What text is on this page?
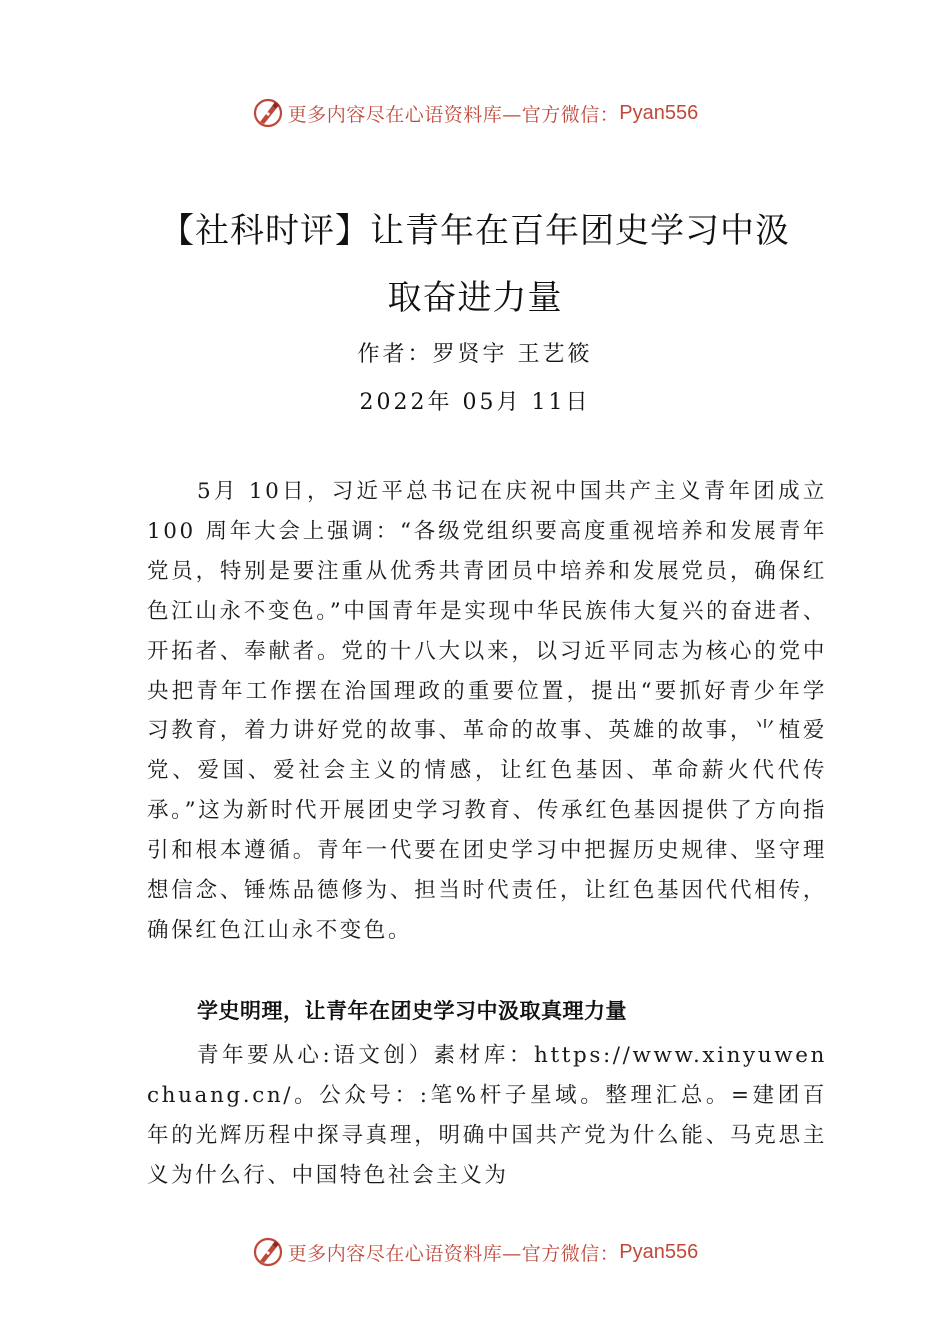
更多内容尽在心语资料库—官方微信： Pyan556
【社科时评】让青年在百年团史学习中汲
取奋进力量
作者：罗贤宇 王艺筱
2022年 05月 11日

5月 10日，习近平总书记在庆祝中国共产主义青年团成立 100 周年大会上强调：“各级党组织要高度重视培养和发展青年党员，特别是要注重从优秀共青团员中培养和发展党员，确保红色江山永不变色。”中国青年是实现中华民族伟大复兴的奋进者、开拓者、奉献者。党的十八大以来，以习近平同志为核心的党中央把青年工作摆在治国理政的重要位置，提出“要抓好青少年学习教育，着力讲好党的故事、革命的故事、英雄的故事，⺌植爱党、爱国、爱社会主义的情感，让红色基因、革命薪火代代传承。”这为新时代开展团史学习教育、传承红色基因提供了方向指引和根本遵循。青年一代要在团史学习中把握历史规律、坚守理想信念、锤炼品德修为、担当时代责任，让红色基因代代相传，确保红色江山永不变色。

学史明理，让青年在团史学习中汲取真理力量

青年要从心:语文创）素材库：https://www.xinyuwenchuang.cn/。公众号：:笔%杆子星域。整理汇总。=建团百年的光辉历程中探寻真理，明确中国共产党为什么能、马克思主义为什么行、中国特色社会主义为

更多内容尽在心语资料库—官方微信： Pyan556
